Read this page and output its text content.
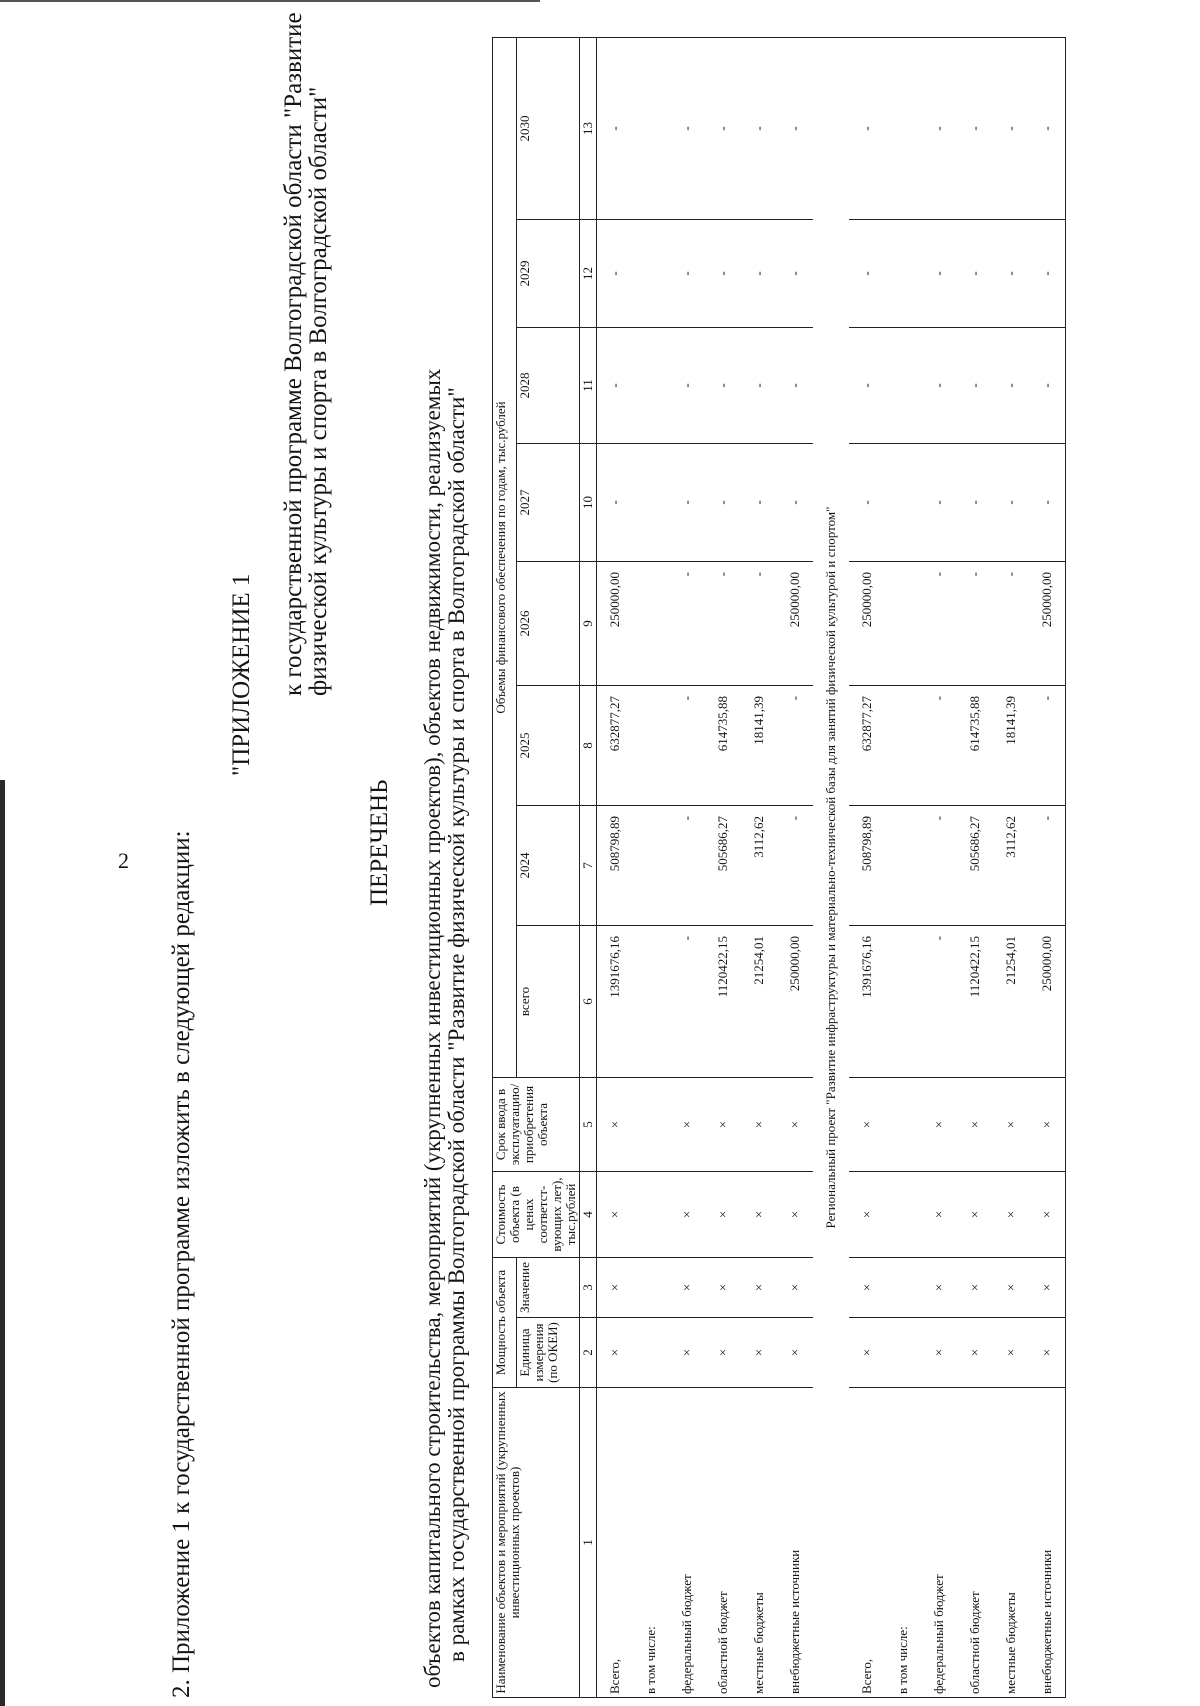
2 2. Приложение 1 к государственной программе изложить в следующей редакции:
"ПРИЛОЖЕНИЕ 1 к государственной программе Волгоградской области "Развитие
физической культуры и спорта в Волгоградской области"
ПЕРЕЧЕНЬ объектов капитального строительства, мероприятий (укрупненных инвестиционных проектов), объектов недвижимости, реализуемых в рамках государственной программы Волгоградской области "Развитие физической культуры и спорта в Волгоградской области" Наименование объектов и мероприятий (укрупненных инвестиционных проектов)	Мощность объекта		Стоимость объекта (в ценах соответст-вующих лет), тыс.рублей	Срок ввода в эксплуатацию/ приобретения объекта	Объемы финансового обеспечения по годам, тыс.рублей							
	Единица измерения (по ОКЕИ)	Значение			всего	2024	2025	2026	2027	2028	2029	2030
1	2	3	4	5	6	7	8	9	10	11	12	13
Всего,	×	×	×	×	1391676,16	508798,89	632877,27	250000,00	-	-	-	-
в том числе:												
федеральный бюджет	×	×	×	×	-	-	-	-	-	-	-	-
областной бюджет	×	×	×	×	1120422,15	505686,27	614735,88	-	-	-	-	-
местные бюджеты	×	×	×	×	21254,01	3112,62	18141,39	-	-	-	-	-
внебюджетные источники	×	×	×	×	250000,00	-	-	250000,00	-	-	-	-
Региональный проект "Развитие инфраструктуры и материально-технической базы для занятий физической культурой и спортом"												
Всего,	×	×	×	×	1391676,16	508798,89	632877,27	250000,00	-	-	-	-
в том числе:												
федеральный бюджет	×	×	×	×	-	-	-	-	-	-	-	-
областной бюджет	×	×	×	×	1120422,15	505686,27	614735,88	-	-	-	-	-
местные бюджеты	×	×	×	×	21254,01	3112,62	18141,39	-	-	-	-	-
внебюджетные источники	×	×	×	×	250000,00	-	-	250000,00	-	-	-	-
